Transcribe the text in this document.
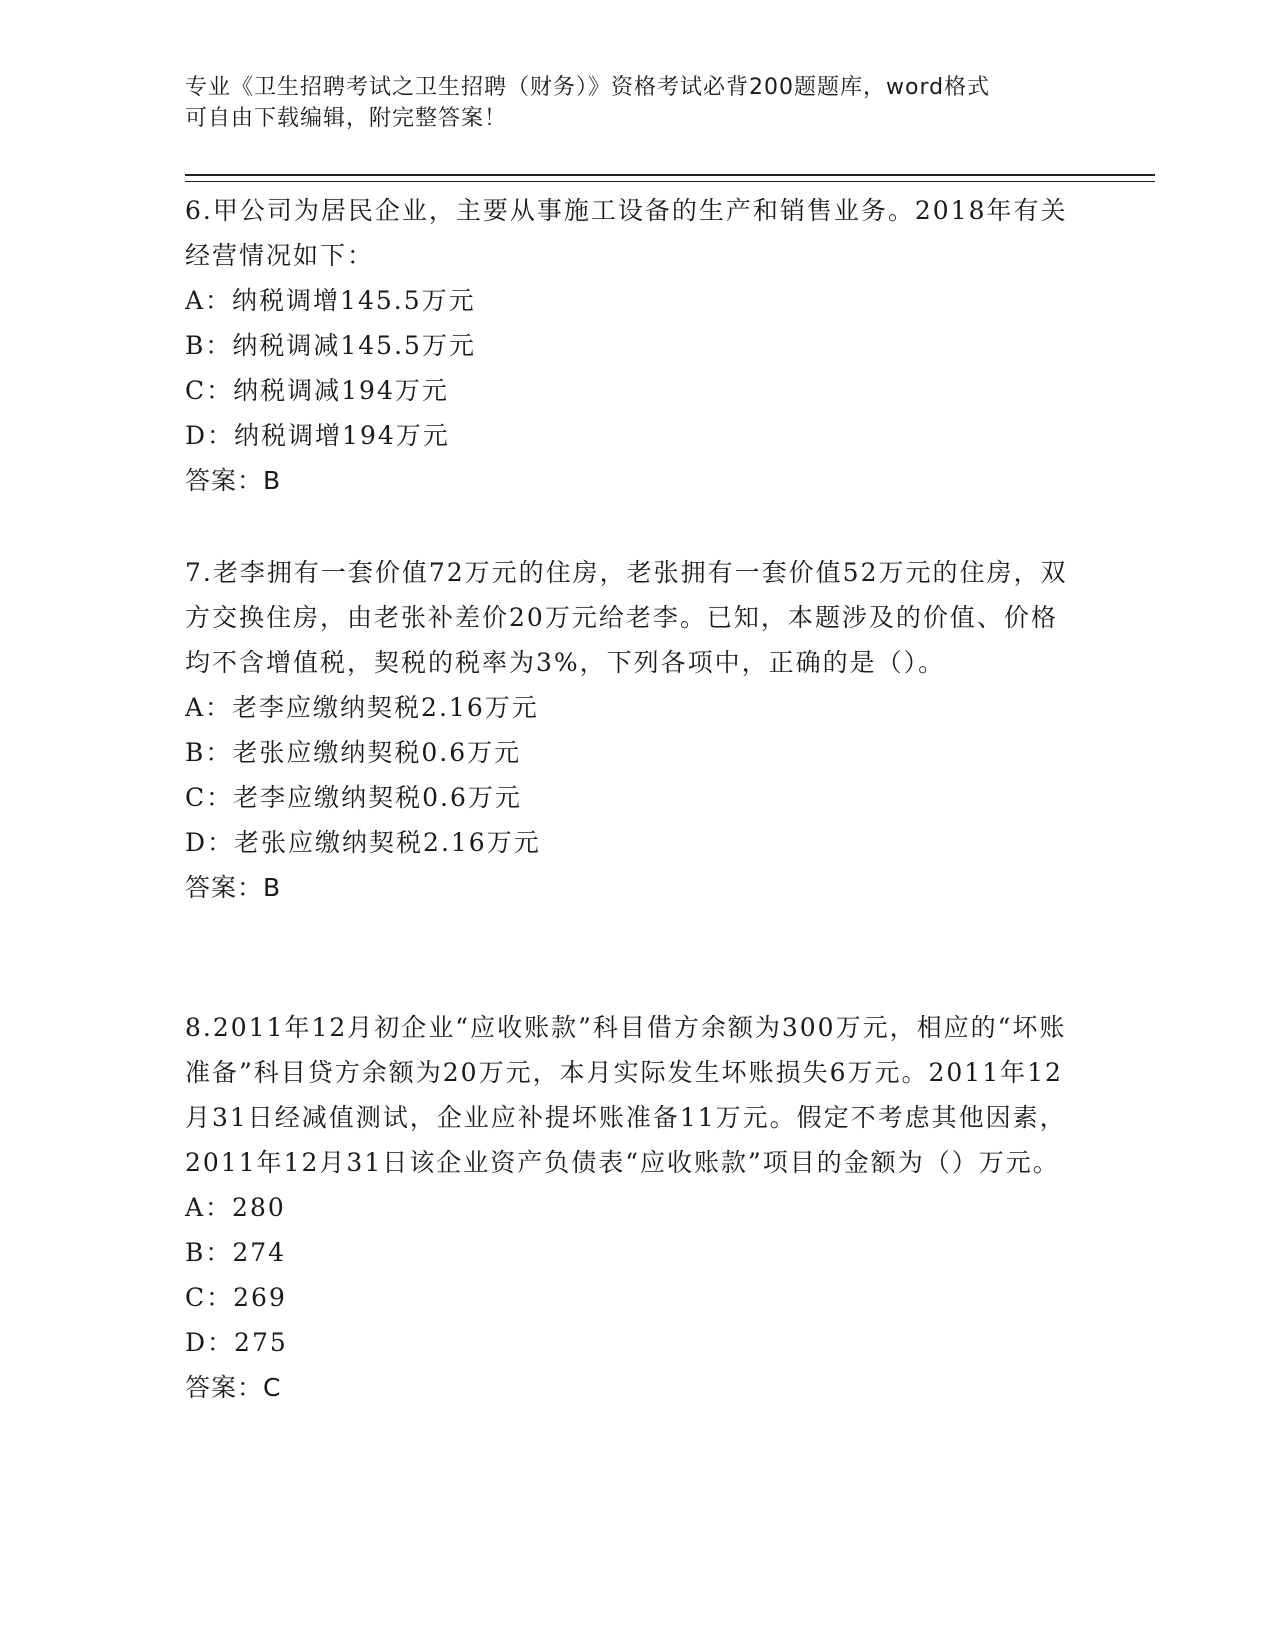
专业《卫生招聘考试之卫生招聘（财务）》资格考试必背200题题库，word格式
可自由下载编辑，附完整答案！

6.甲公司为居民企业，主要从事施工设备的生产和销售业务。2018年有关经营情况如下：

A：纳税调增145.5万元

B：纳税调减145.5万元

C：纳税调减194万元

D：纳税调增194万元

答案：B

7.老李拥有一套价值72万元的住房，老张拥有一套价值52万元的住房，双方交换住房，由老张补差价20万元给老李。已知，本题涉及的价值、价格均不含增值税，契税的税率为3%，下列各项中，正确的是（）。

A：老李应缴纳契税2.16万元

B：老张应缴纳契税0.6万元

C：老李应缴纳契税0.6万元

D：老张应缴纳契税2.16万元

答案：B

8.2011年12月初企业“应收账款”科目借方余额为300万元，相应的“坏账准备”科目贷方余额为20万元，本月实际发生坏账损失6万元。2011年12月31日经减值测试，企业应补提坏账准备11万元。假定不考虑其他因素，2011年12月31日该企业资产负债表“应收账款”项目的金额为（）万元。

A：280

B：274

C：269

D：275

答案：C
